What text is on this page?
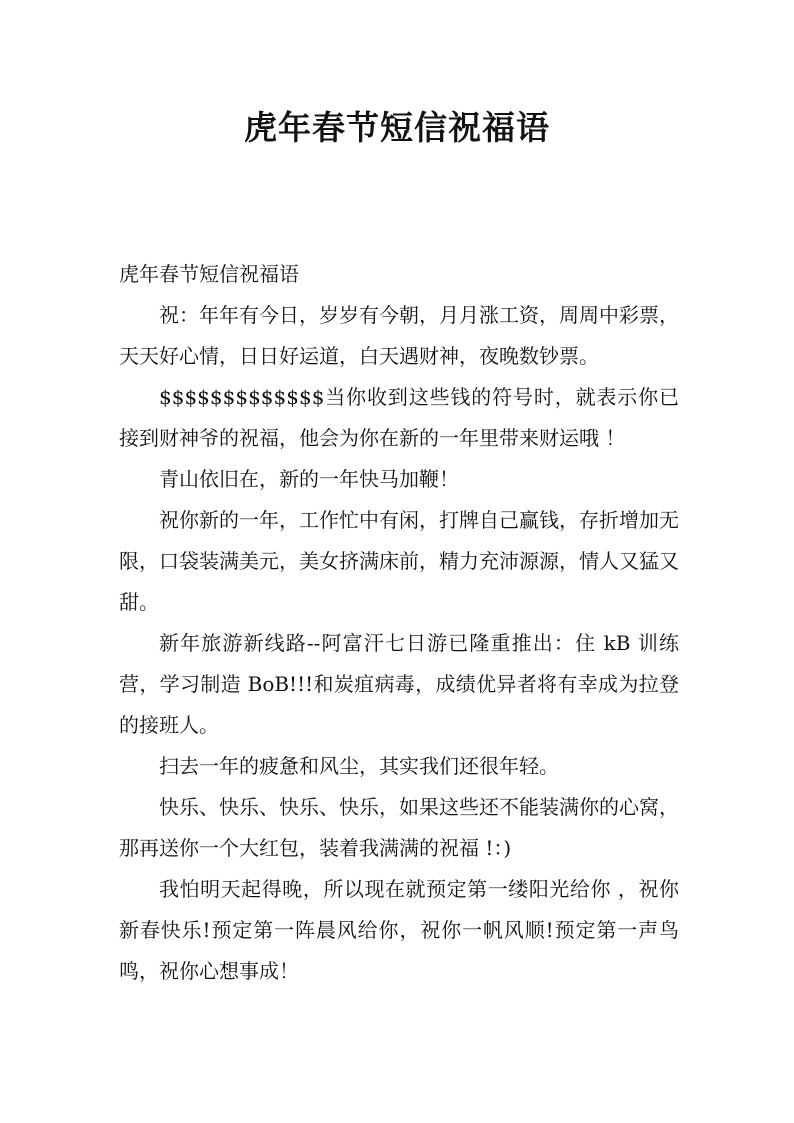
虎年春节短信祝福语

虎年春节短信祝福语

祝：年年有今日，岁岁有今朝，月月涨工资，周周中彩票，天天好心情，日日好运道，白天遇财神，夜晚数钞票。

$$$$$$$$$$$$$当你收到这些钱的符号时，就表示你已接到财神爷的祝福，他会为你在新的一年里带来财运哦 ！

青山依旧在，新的一年快马加鞭！

祝你新的一年，工作忙中有闲，打牌自己赢钱，存折增加无限，口袋装满美元，美女挤满床前，精力充沛源源，情人又猛又甜。

新年旅游新线路--阿富汗七日游已隆重推出：住 kB 训练营，学习制造 BoB!!!和炭疽病毒，成绩优异者将有幸成为拉登的接班人。

扫去一年的疲惫和风尘，其实我们还很年轻。

快乐、快乐、快乐、快乐，如果这些还不能装满你的心窝，那再送你一个大红包，装着我满满的祝福 !：)

我怕明天起得晚，所以现在就预定第一缕阳光给你 ，祝你新春快乐!预定第一阵晨风给你，祝你一帆风顺!预定第一声鸟鸣，祝你心想事成！
